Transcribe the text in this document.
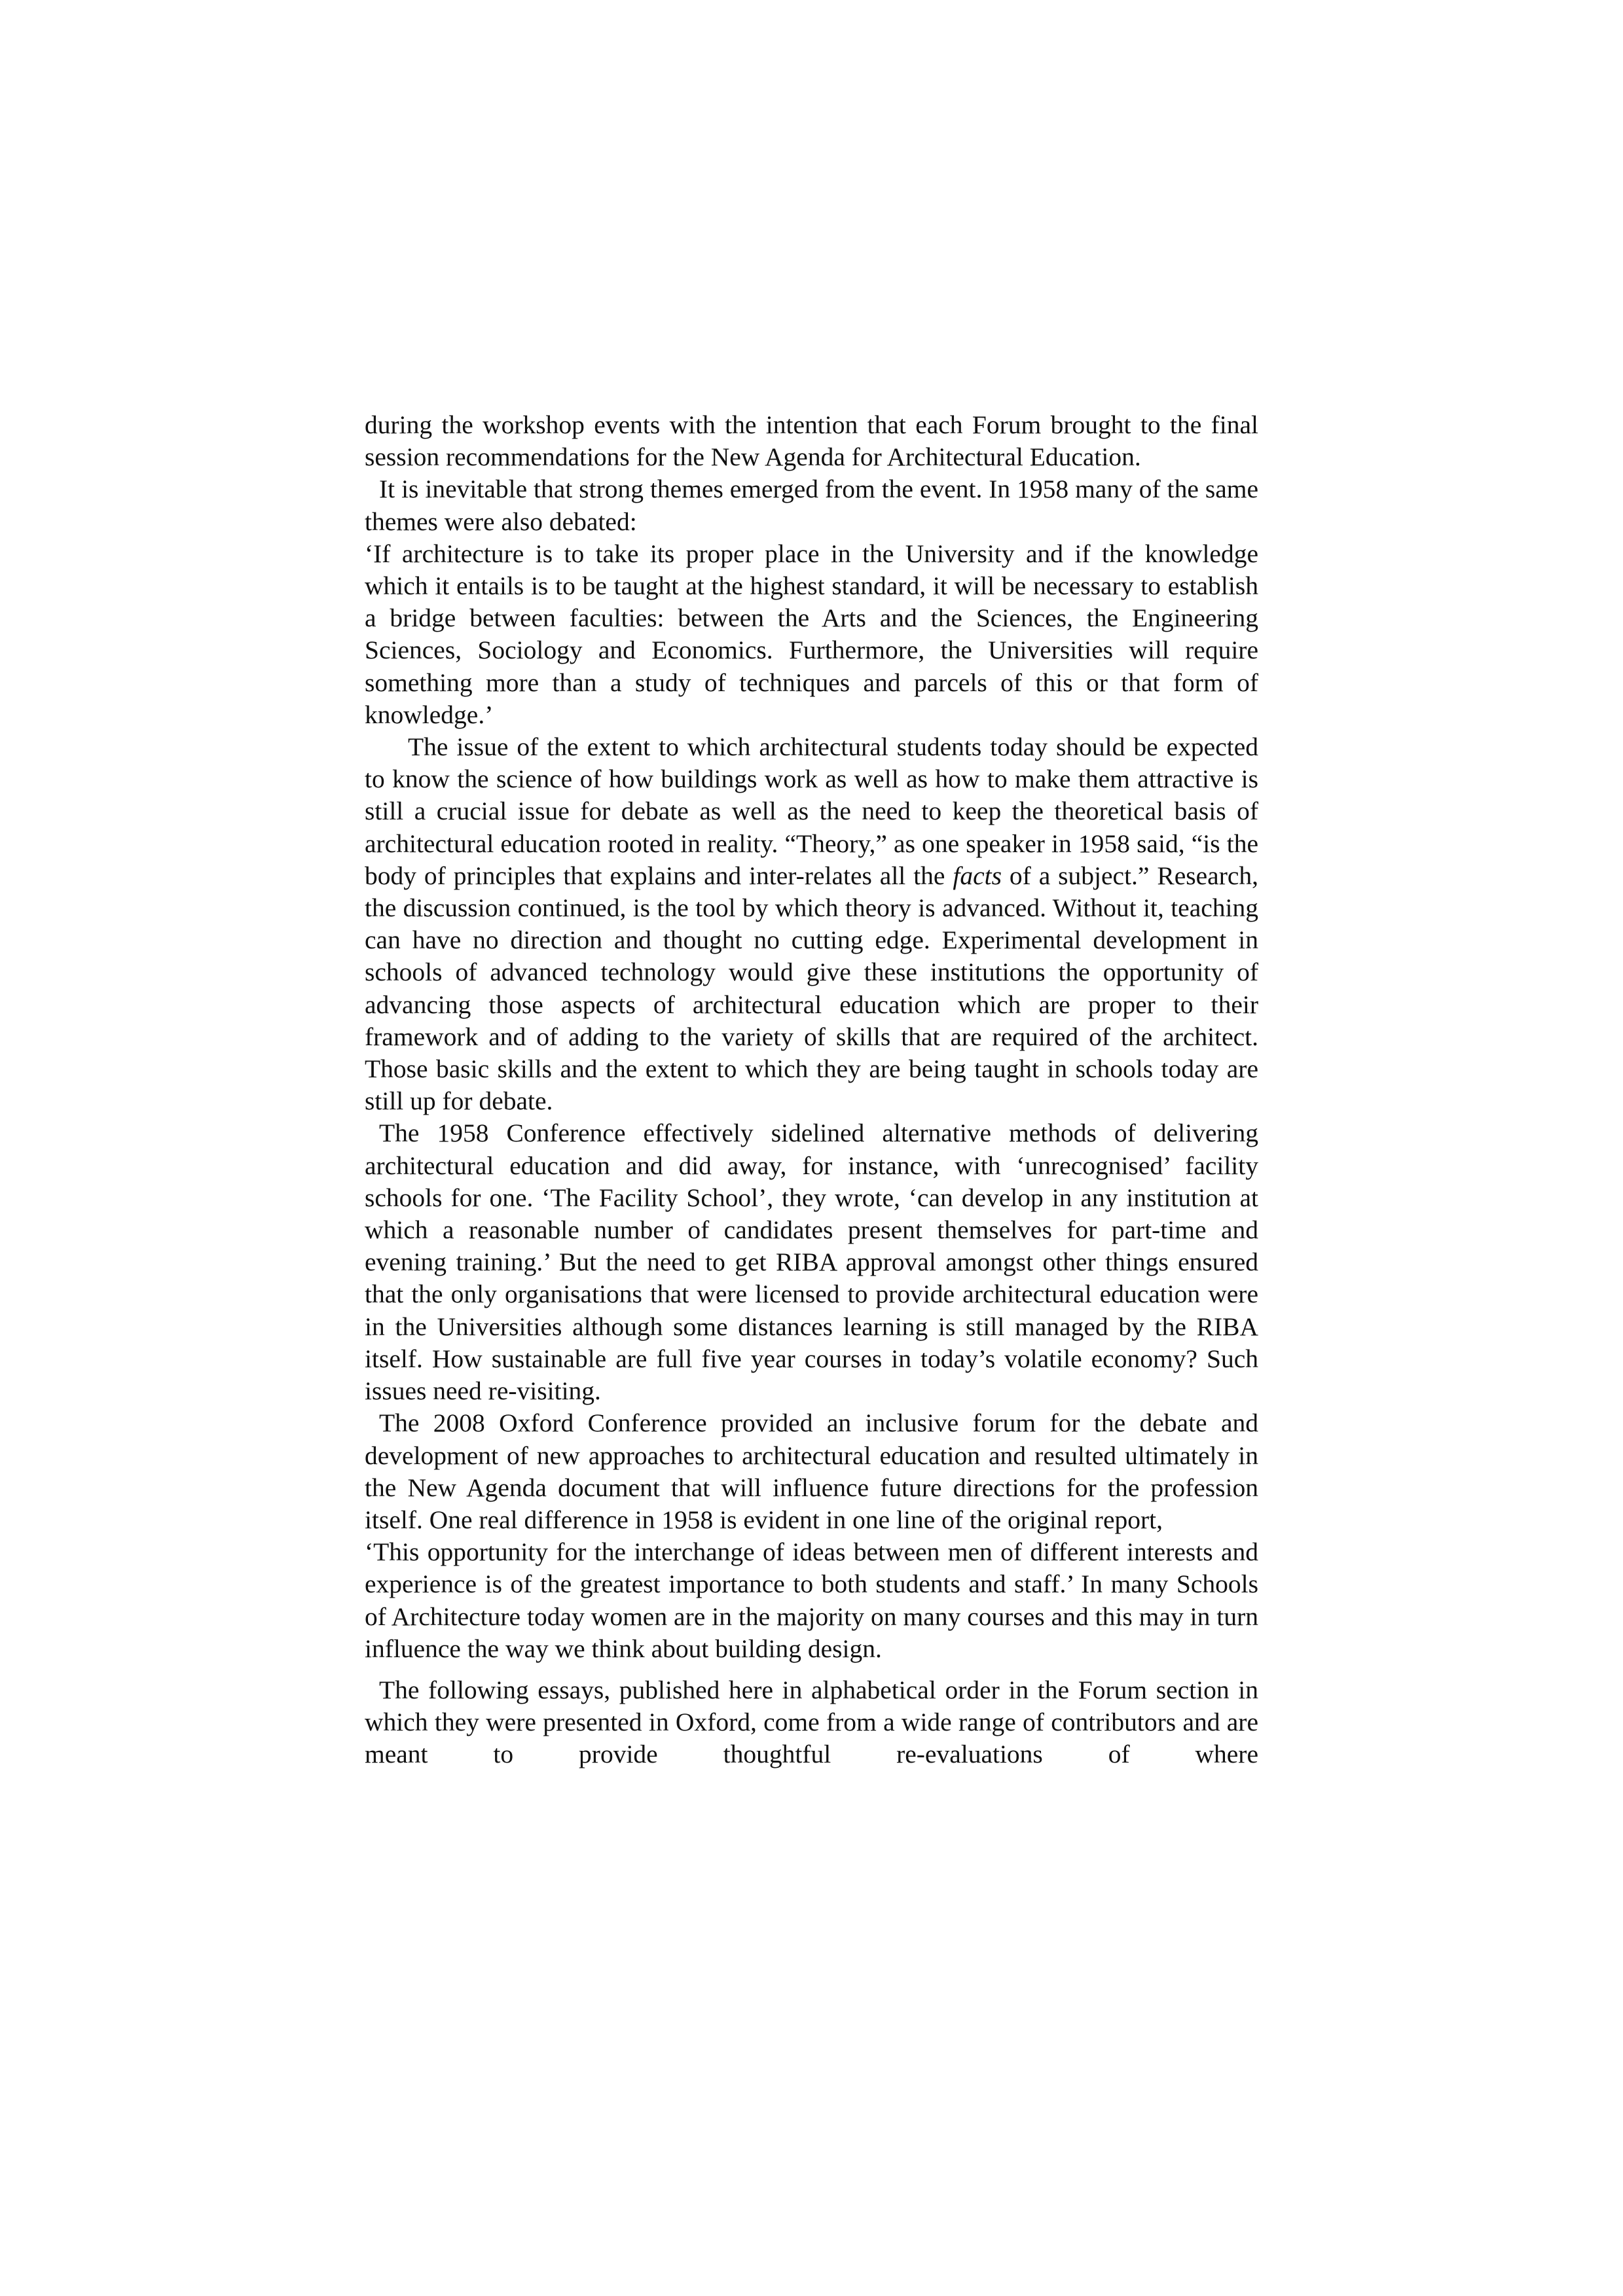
during the workshop events with the intention that each Forum brought to the final session recommendations for the New Agenda for Architectural Education.

It is inevitable that strong themes emerged from the event. In 1958 many of the same themes were also debated:

‘If architecture is to take its proper place in the University and if the knowledge which it entails is to be taught at the highest standard, it will be necessary to establish a bridge between faculties: between the Arts and the Sciences, the Engineering Sciences, Sociology and Economics. Furthermore, the Universities will require something more than a study of techniques and parcels of this or that form of knowledge.’

The issue of the extent to which architectural students today should be expected to know the science of how buildings work as well as how to make them attractive is still a crucial issue for debate as well as the need to keep the theoretical basis of architectural education rooted in reality. “Theory,” as one speaker in 1958 said, “is the body of principles that explains and inter-relates all the facts of a subject.” Research, the discussion continued, is the tool by which theory is advanced. Without it, teaching can have no direction and thought no cutting edge. Experimental development in schools of advanced technology would give these institutions the opportunity of advancing those aspects of architectural education which are proper to their framework and of adding to the variety of skills that are required of the architect. Those basic skills and the extent to which they are being taught in schools today are still up for debate.

The 1958 Conference effectively sidelined alternative methods of delivering architectural education and did away, for instance, with ‘unrecognised’ facility schools for one. ‘The Facility School’, they wrote, ‘can develop in any institution at which a reasonable number of candidates present themselves for part-time and evening training.’ But the need to get RIBA approval amongst other things ensured that the only organisations that were licensed to provide architectural education were in the Universities although some distances learning is still managed by the RIBA itself. How sustainable are full five year courses in today’s volatile economy? Such issues need re-visiting.

The 2008 Oxford Conference provided an inclusive forum for the debate and development of new approaches to architectural education and resulted ultimately in the New Agenda document that will influence future directions for the profession itself. One real difference in 1958 is evident in one line of the original report,

‘This opportunity for the interchange of ideas between men of different interests and experience is of the greatest importance to both students and staff.’ In many Schools of Architecture today women are in the majority on many courses and this may in turn influence the way we think about building design.

The following essays, published here in alphabetical order in the Forum section in which they were presented in Oxford, come from a wide range of contributors and are meant to provide thoughtful re-evaluations of where
